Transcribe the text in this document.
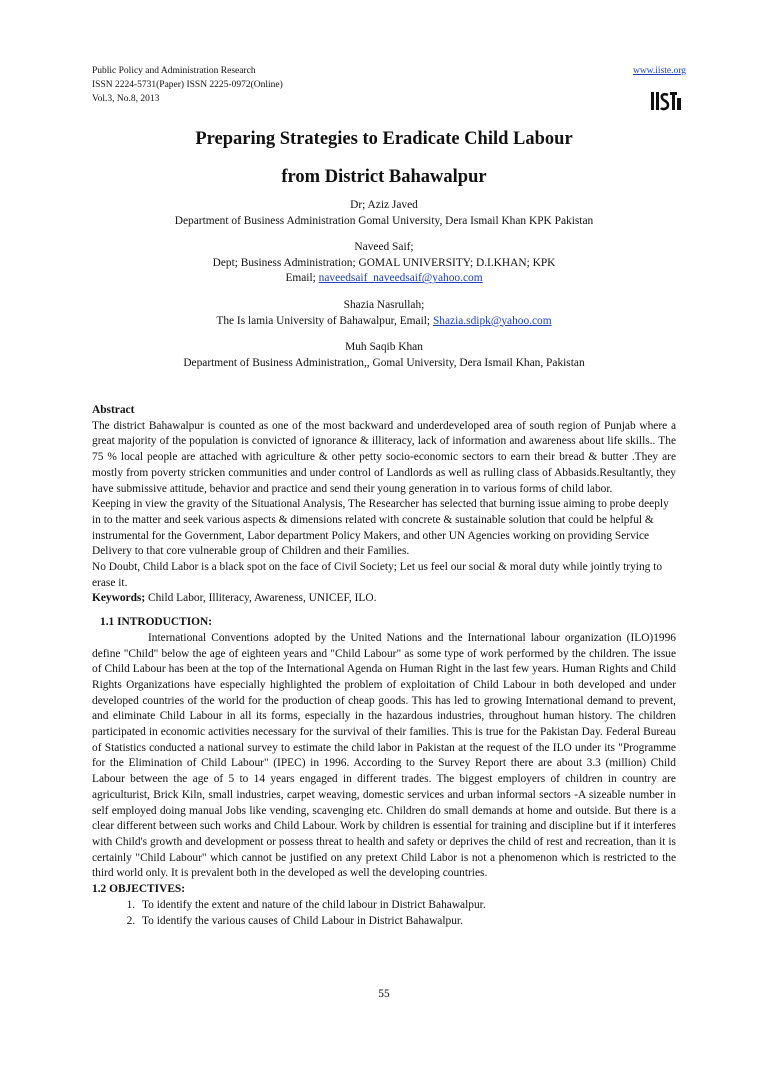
Public Policy and Administration Research
ISSN 2224-5731(Paper) ISSN 2225-0972(Online)
Vol.3, No.8, 2013
www.iiste.org
Preparing Strategies to Eradicate Child Labour
from District Bahawalpur
Dr; Aziz Javed
Department of Business Administration Gomal University, Dera Ismail Khan KPK Pakistan
Naveed Saif;
Dept; Business Administration; GOMAL UNIVERSITY; D.I.KHAN; KPK
Email; naveedsaif_naveedsaif@yahoo.com
Shazia Nasrullah;
The Is lamia University of Bahawalpur, Email; Shazia.sdipk@yahoo.com
Muh Saqib Khan
Department of Business Administration,, Gomal University, Dera Ismail Khan, Pakistan
Abstract
The district Bahawalpur is counted as one of the most backward and underdeveloped area of south region of Punjab where a great majority of the population is convicted of ignorance & illiteracy, lack of information and awareness about life skills.. The 75 % local people are attached with agriculture & other petty socio-economic sectors to earn their bread & butter .They are mostly from poverty stricken communities and under control of Landlords as well as rulling class of Abbasids.Resultantly, they have submissive attitude, behavior and practice and send their young generation in to various forms of child labor.
Keeping in view the gravity of the Situational Analysis, The Researcher has selected that burning issue aiming to probe deeply in to the matter and seek various aspects & dimensions related with concrete & sustainable solution that could be helpful & instrumental for the Government, Labor department Policy Makers, and other UN Agencies working on providing Service Delivery to that core vulnerable group of Children and their Families.
No Doubt, Child Labor is a black spot on the face of Civil Society; Let us feel our social & moral duty while jointly trying to erase it.
Keywords; Child Labor, Illiteracy, Awareness, UNICEF, ILO.
1.1 INTRODUCTION:
International Conventions adopted by the United Nations and the International labour organization (ILO)1996 define "Child" below the age of eighteen years and "Child Labour" as some type of work performed by the children. The issue of Child Labour has been at the top of the International Agenda on Human Right in the last few years. Human Rights and Child Rights Organizations have especially highlighted the problem of exploitation of Child Labour in both developed and under developed countries of the world for the production of cheap goods. This has led to growing International demand to prevent, and eliminate Child Labour in all its forms, especially in the hazardous industries, throughout human history. The children participated in economic activities necessary for the survival of their families. This is true for the Pakistan Day. Federal Bureau of Statistics conducted a national survey to estimate the child labor in Pakistan at the request of the ILO under its "Programme for the Elimination of Child Labour" (IPEC) in 1996. According to the Survey Report there are about 3.3 (million) Child Labour between the age of 5 to 14 years engaged in different trades. The biggest employers of children in country are agriculturist, Brick Kiln, small industries, carpet weaving, domestic services and urban informal sectors -A sizeable number in self employed doing manual Jobs like vending, scavenging etc. Children do small demands at home and outside. But there is a clear different between such works and Child Labour. Work by children is essential for training and discipline but if it interferes with Child's growth and development or possess threat to health and safety or deprives the child of rest and recreation, than it is certainly "Child Labour" which cannot be justified on any pretext Child Labor is not a phenomenon which is restricted to the third world only. It is prevalent both in the developed as well the developing countries.
1.2 OBJECTIVES:
1. To identify the extent and nature of the child labour in District Bahawalpur.
2. To identify the various causes of Child Labour in District Bahawalpur.
55
